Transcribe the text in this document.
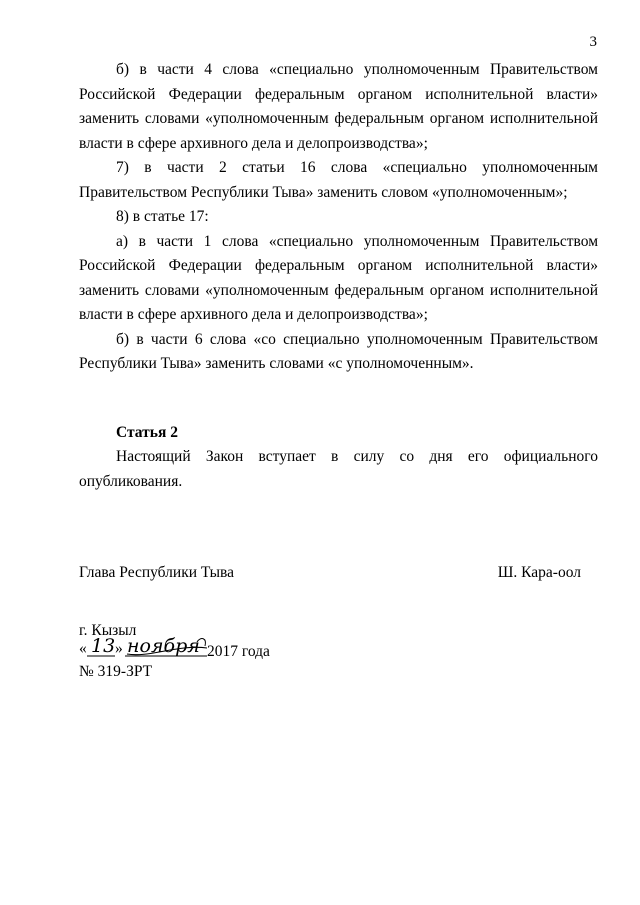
3

б) в части 4 слова «специально уполномоченным Правительством Российской Федерации федеральным органом исполнительной власти» заменить словами «уполномоченным федеральным органом исполнительной власти в сфере архивного дела и делопроизводства»;

7) в части 2 статьи 16 слова «специально уполномоченным Правительством Республики Тыва» заменить словом «уполномоченным»;

8) в статье 17:

а) в части 1 слова «специально уполномоченным Правительством Российской Федерации федеральным органом исполнительной власти» заменить словами «уполномоченным федеральным органом исполнительной власти в сфере архивного дела и делопроизводства»;

б) в части 6 слова «со специально уполномоченным Правительством Республики Тыва» заменить словами «с уполномоченным».

Статья 2

Настоящий Закон вступает в силу со дня его официального опубликования.

Глава Республики Тыва	Ш. Кара-оол
г. Кызыл
« »
13 ноября 2017 года
№ 319-ЗРТ
